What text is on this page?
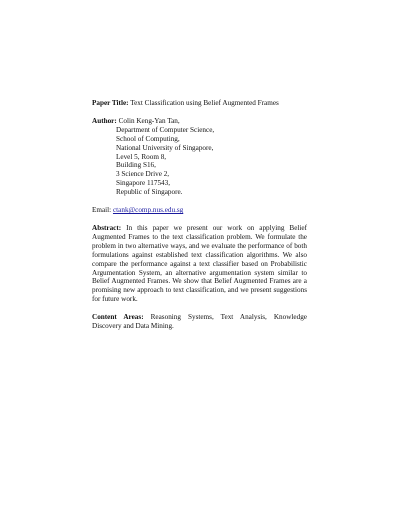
Paper Title: Text Classification using Belief Augmented Frames

Author: Colin Keng-Yan Tan,

Department of Computer Science,

School of Computing,

National University of Singapore,

Level 5, Room 8,

Building S16,

3 Science Drive 2,

Singapore 117543,

Republic of Singapore.

Email: ctank@comp.nus.edu.sg

Abstract: In this paper we present our work on applying Belief Augmented Frames to the text classification problem. We formulate the problem in two alternative ways, and we evaluate the performance of both formulations against established text classification algorithms. We also compare the performance against a text classifier based on Probabilistic Argumentation System, an alternative argumentation system similar to Belief Augmented Frames. We show that Belief Augmented Frames are a promising new approach to text classification, and we present suggestions for future work.

Content Areas: Reasoning Systems, Text Analysis, Knowledge Discovery and Data Mining.
